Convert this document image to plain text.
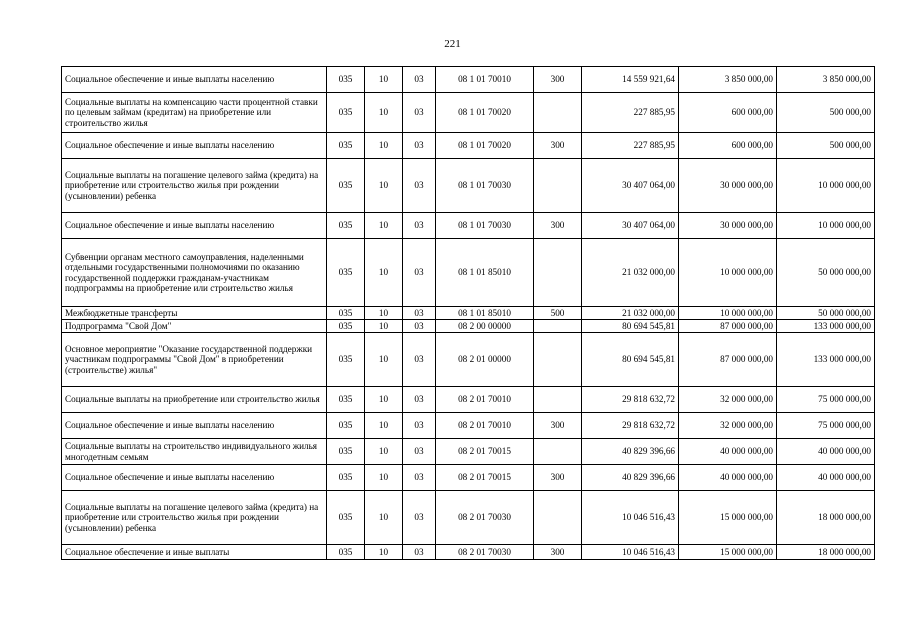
221
Социальное обеспечение и иные выплаты населению	035	10	03	08 1 01 70010	300	14 559 921,64	3 850 000,00	3 850 000,00
Социальные выплаты на компенсацию части процентной ставки по целевым займам (кредитам) на приобретение или строительство жилья	035	10	03	08 1 01 70020		227 885,95	600 000,00	500 000,00
Социальное обеспечение и иные выплаты населению	035	10	03	08 1 01 70020	300	227 885,95	600 000,00	500 000,00
Социальные выплаты на погашение целевого займа (кредита) на приобретение или строительство жилья при рождении (усыновлении) ребенка	035	10	03	08 1 01 70030		30 407 064,00	30 000 000,00	10 000 000,00
Социальное обеспечение и иные выплаты населению	035	10	03	08 1 01 70030	300	30 407 064,00	30 000 000,00	10 000 000,00
Субвенции органам местного самоуправления, наделенными отдельными государственными полномочиями по оказанию государственной поддержки гражданам-участникам подпрограммы на приобретение или строительство жилья	035	10	03	08 1 01 85010		21 032 000,00	10 000 000,00	50 000 000,00
Межбюджетные трансферты	035	10	03	08 1 01 85010	500	21 032 000,00	10 000 000,00	50 000 000,00
Подпрограмма "Свой Дом"	035	10	03	08 2 00 00000		80 694 545,81	87 000 000,00	133 000 000,00
Основное мероприятие "Оказание государственной поддержки участникам подпрограммы "Свой Дом" в приобретении (строительстве) жилья"	035	10	03	08 2 01 00000		80 694 545,81	87 000 000,00	133 000 000,00
Социальные выплаты на приобретение или строительство жилья	035	10	03	08 2 01 70010		29 818 632,72	32 000 000,00	75 000 000,00
Социальное обеспечение и иные выплаты населению	035	10	03	08 2 01 70010	300	29 818 632,72	32 000 000,00	75 000 000,00
Социальные выплаты на строительство индивидуального жилья многодетным семьям	035	10	03	08 2 01 70015		40 829 396,66	40 000 000,00	40 000 000,00
Социальное обеспечение и иные выплаты населению	035	10	03	08 2 01 70015	300	40 829 396,66	40 000 000,00	40 000 000,00
Социальные выплаты на погашение целевого займа (кредита) на приобретение или строительство жилья при рождении (усыновлении) ребенка	035	10	03	08 2 01 70030		10 046 516,43	15 000 000,00	18 000 000,00
Социальное обеспечение и иные выплаты	035	10	03	08 2 01 70030	300	10 046 516,43	15 000 000,00	18 000 000,00
